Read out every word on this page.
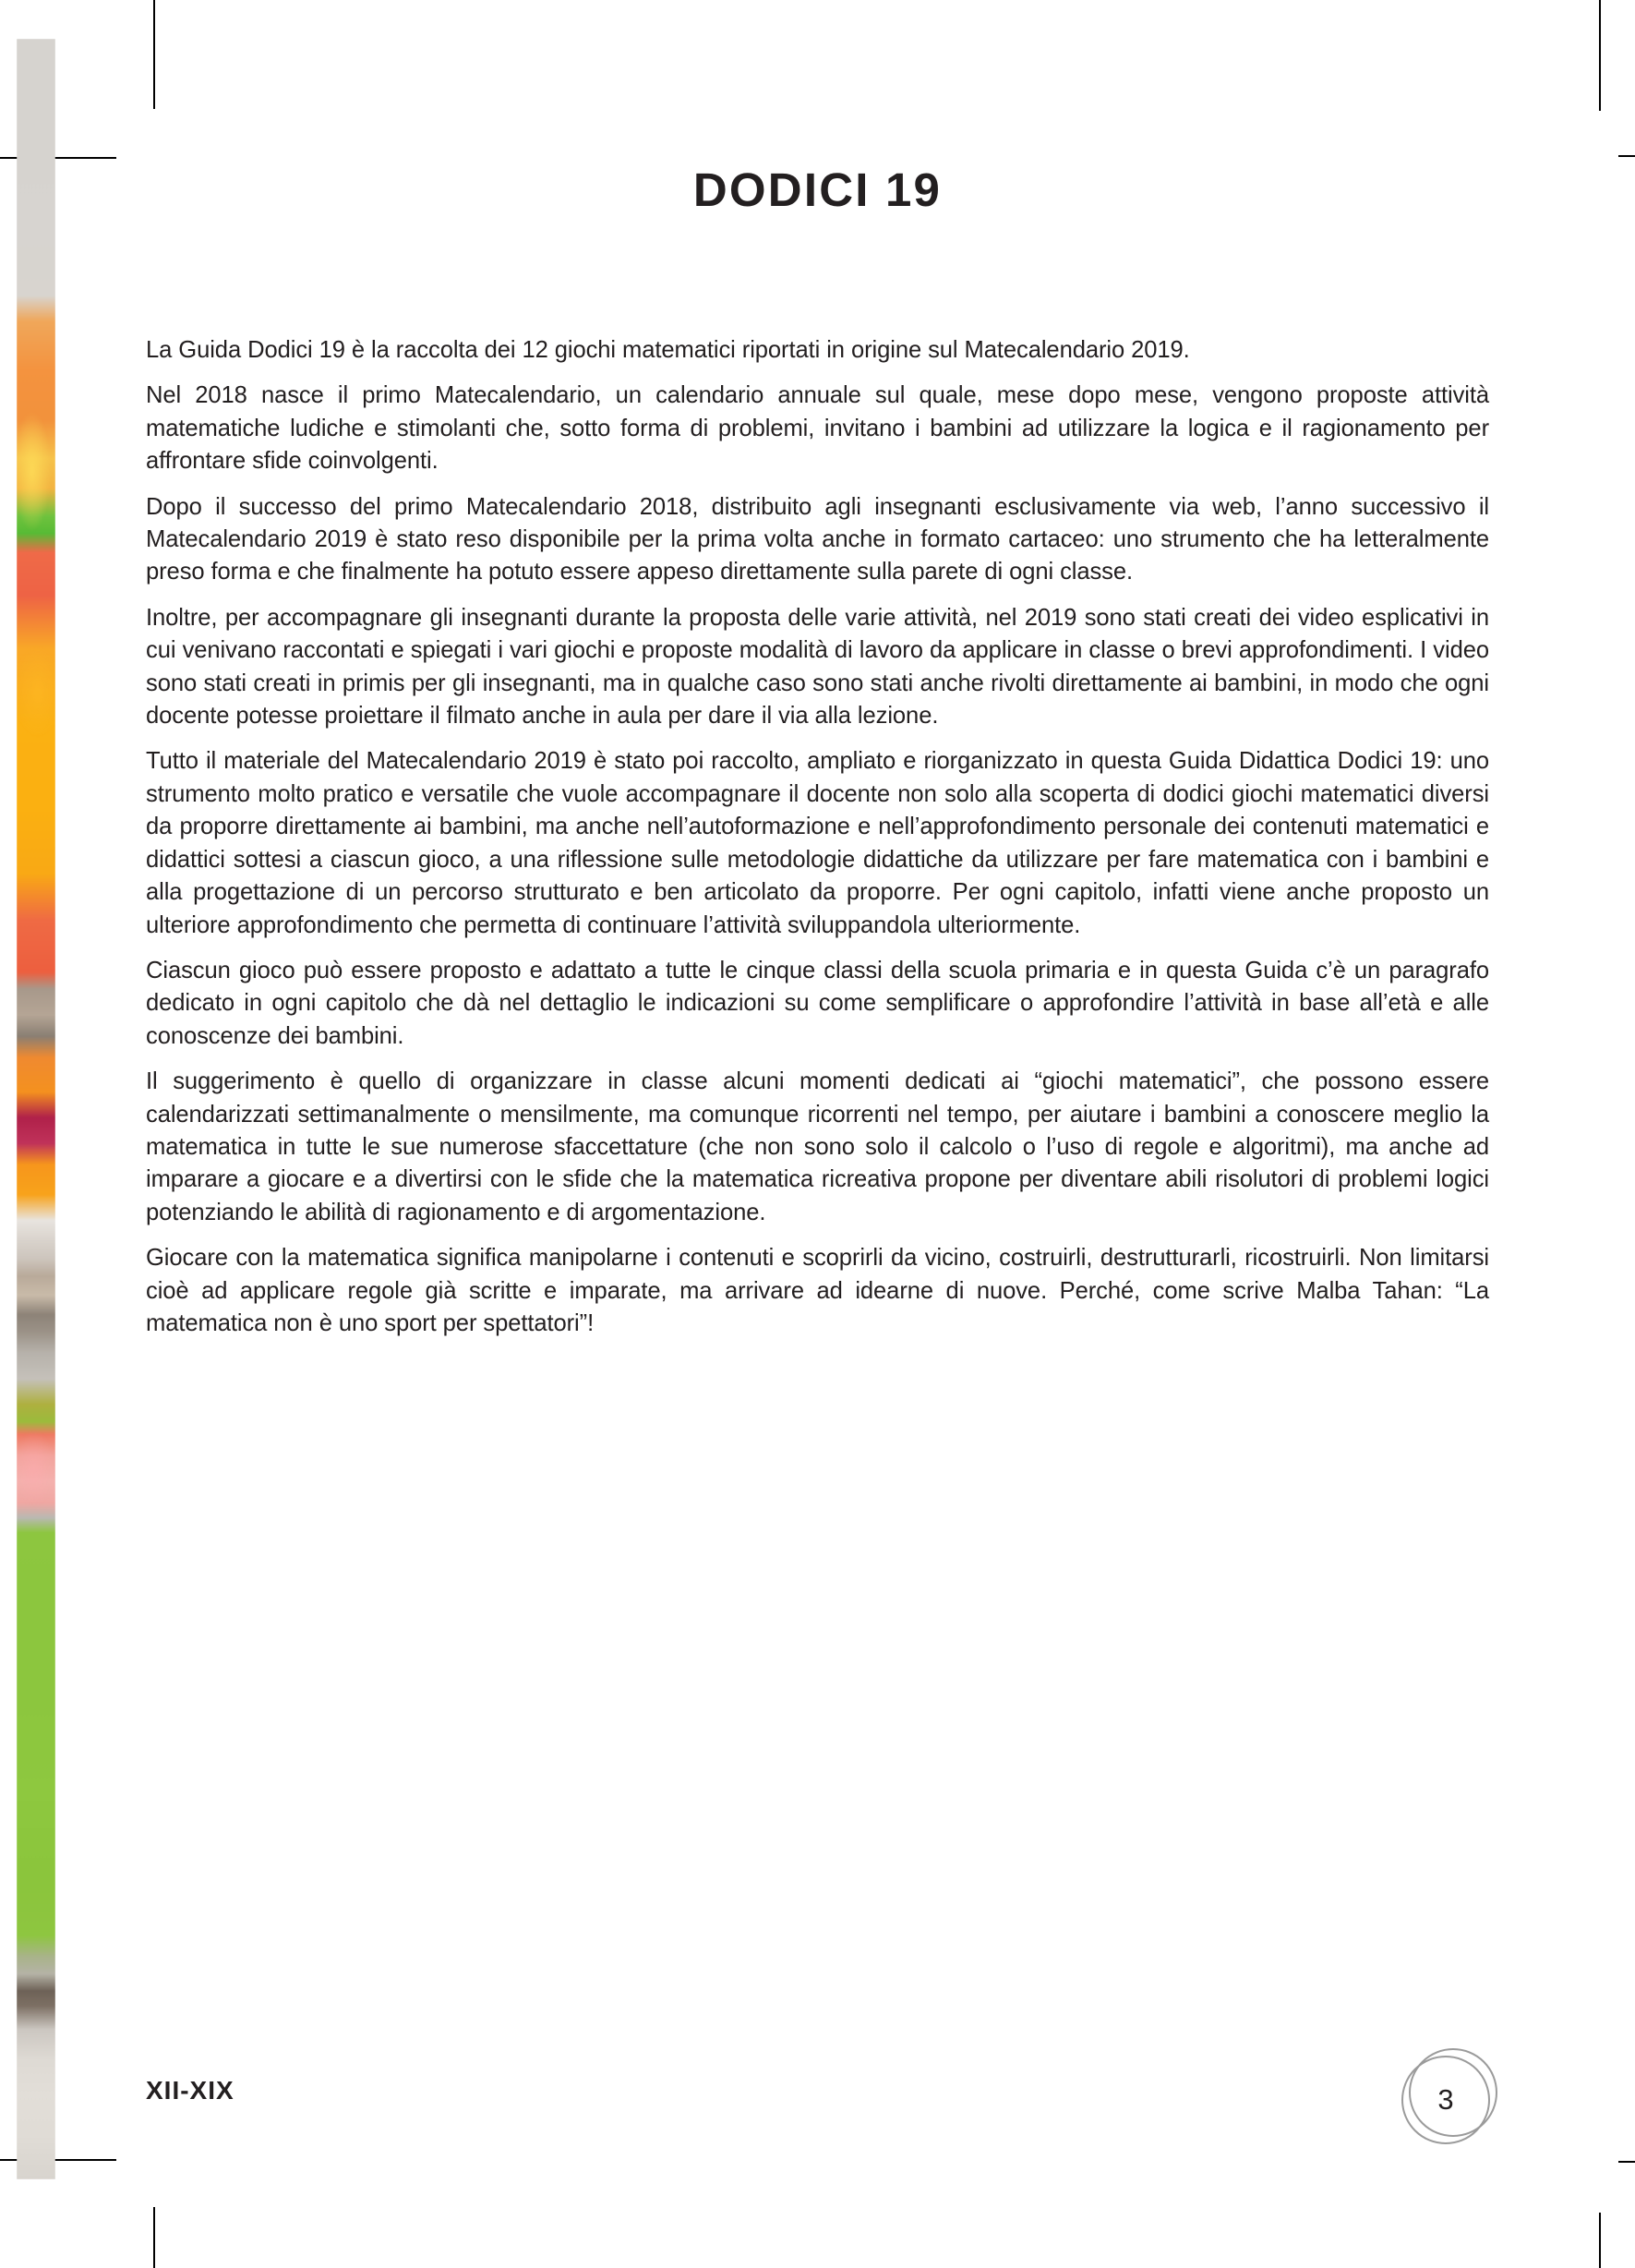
DODICI 19

La Guida Dodici 19 è la raccolta dei 12 giochi matematici riportati in origine sul Matecalendario 2019.

Nel 2018 nasce il primo Matecalendario, un calendario annuale sul quale, mese dopo mese, vengono proposte attività matematiche ludiche e stimolanti che, sotto forma di problemi, invitano i bambini ad utilizzare la logica e il ragionamento per affrontare sfide coinvolgenti.

Dopo il successo del primo Matecalendario 2018, distribuito agli insegnanti esclusivamente via web, l’anno successivo il Matecalendario 2019 è stato reso disponibile per la prima volta anche in formato cartaceo: uno strumento che ha letteralmente preso forma e che finalmente ha potuto essere appeso direttamente sulla parete di ogni classe.

Inoltre, per accompagnare gli insegnanti durante la proposta delle varie attività, nel 2019 sono stati creati dei video esplicativi in cui venivano raccontati e spiegati i vari giochi e proposte modalità di lavoro da applicare in classe o brevi approfondimenti. I video sono stati creati in primis per gli insegnanti, ma in qualche caso sono stati anche rivolti direttamente ai bambini, in modo che ogni docente potesse proiettare il filmato anche in aula per dare il via alla lezione.

Tutto il materiale del Matecalendario 2019 è stato poi raccolto, ampliato e riorganizzato in questa Guida Didattica Dodici 19: uno strumento molto pratico e versatile che vuole accompagnare il docente non solo alla scoperta di dodici giochi matematici diversi da proporre direttamente ai bambini, ma anche nell’autoformazione e nell’approfondimento personale dei contenuti matematici e didattici sottesi a ciascun gioco, a una riflessione sulle metodologie didattiche da utilizzare per fare matematica con i bambini e alla progettazione di un percorso strutturato e ben articolato da proporre. Per ogni capitolo, infatti viene anche proposto un ulteriore approfondimento che permetta di continuare l’attività sviluppandola ulteriormente.

Ciascun gioco può essere proposto e adattato a tutte le cinque classi della scuola primaria e in questa Guida c’è un paragrafo dedicato in ogni capitolo che dà nel dettaglio le indicazioni su come semplificare o approfondire l’attività in base all’età e alle conoscenze dei bambini.

Il suggerimento è quello di organizzare in classe alcuni momenti dedicati ai “giochi matematici”, che possono essere calendarizzati settimanalmente o mensilmente, ma comunque ricorrenti nel tempo, per aiutare i bambini a conoscere meglio la matematica in tutte le sue numerose sfaccettature (che non sono solo il calcolo o l’uso di regole e algoritmi), ma anche ad imparare a giocare e a divertirsi con le sfide che la matematica ricreativa propone per diventare abili risolutori di problemi logici potenziando le abilità di ragionamento e di argomentazione.

Giocare con la matematica significa manipolarne i contenuti e scoprirli da vicino, costruirli, destrutturarli, ricostruirli. Non limitarsi cioè ad applicare regole già scritte e imparate, ma arrivare ad idearne di nuove. Perché, come scrive Malba Tahan: “La matematica non è uno sport per spettatori”!

XII-XIX	3
